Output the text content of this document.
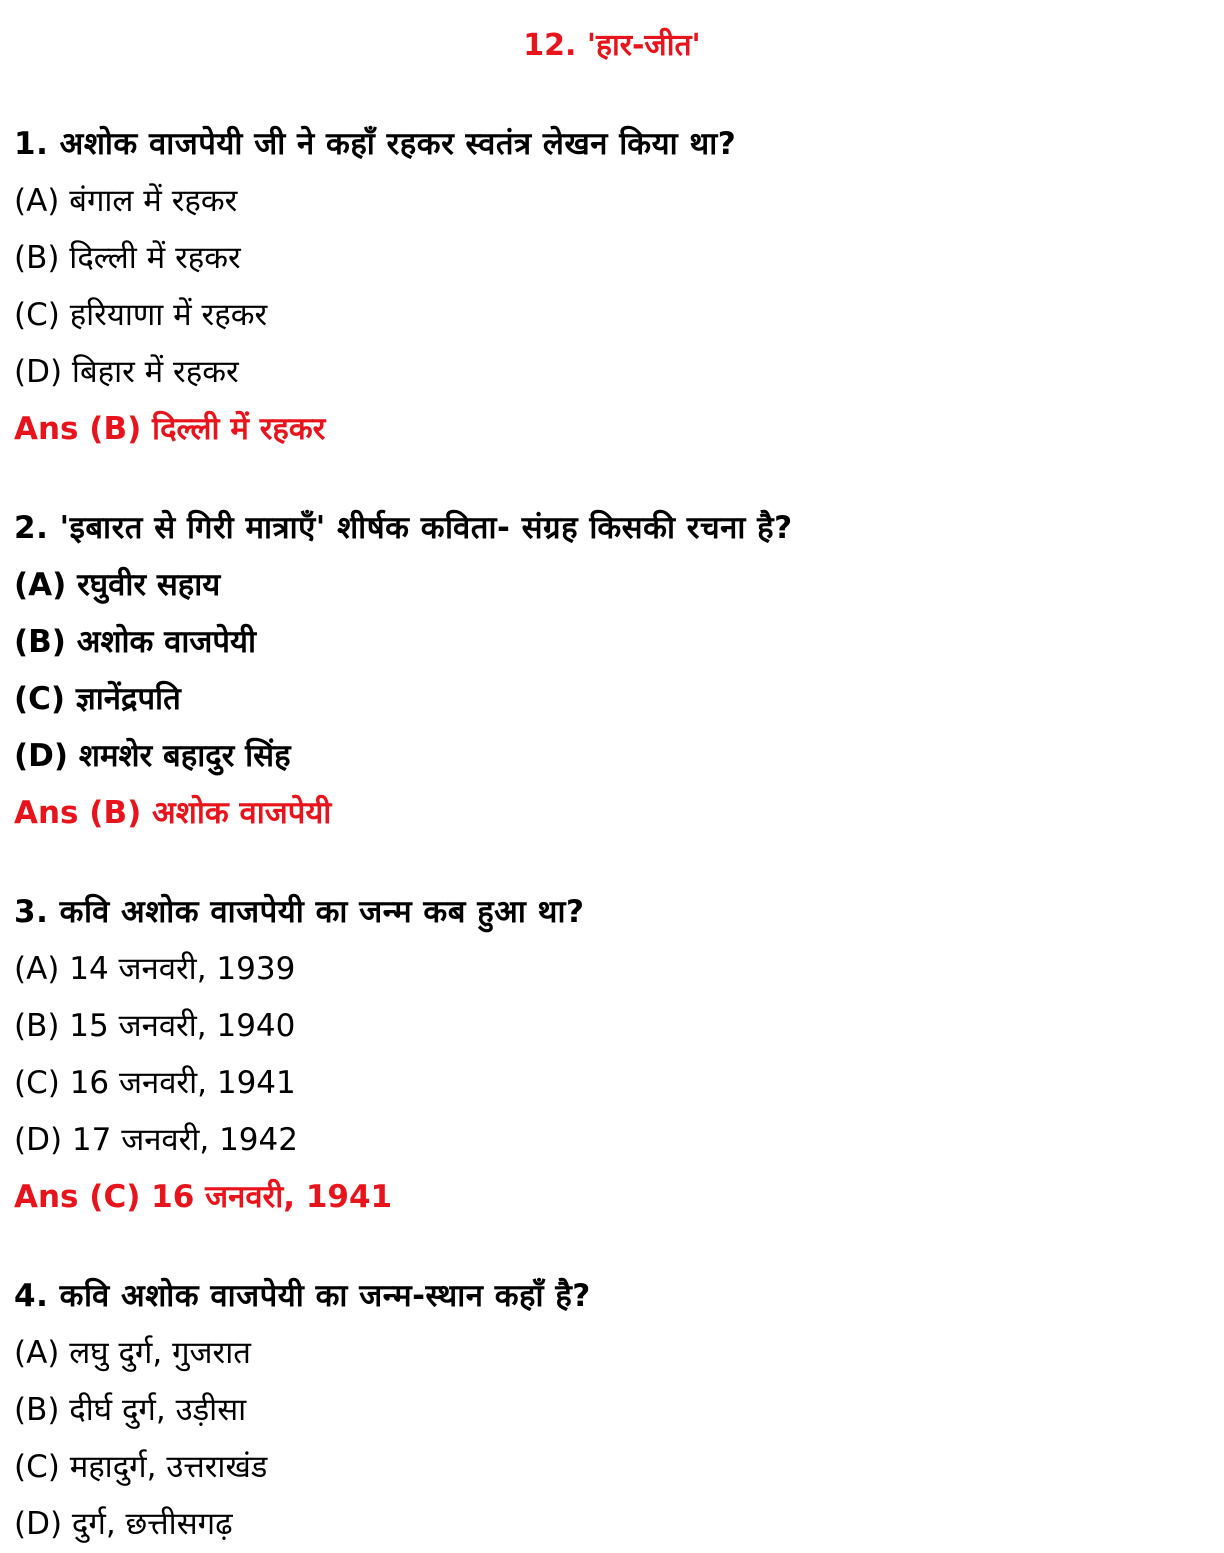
12. 'हार-जीत'
1. अशोक वाजपेयी जी ने कहाँ रहकर स्वतंत्र लेखन किया था?
(A) बंगाल में रहकर
(B) दिल्ली में रहकर
(C) हरियाणा में रहकर
(D) बिहार में रहकर
Ans (B) दिल्ली में रहकर
2. 'इबारत से गिरी मात्राएँ' शीर्षक कविता- संग्रह किसकी रचना है?
(A) रघुवीर सहाय
(B) अशोक वाजपेयी
(C) ज्ञानेंद्रपति
(D) शमशेर बहादुर सिंह
Ans (B) अशोक वाजपेयी
3. कवि अशोक वाजपेयी का जन्म कब हुआ था?
(A) 14 जनवरी, 1939
(B) 15 जनवरी, 1940
(C) 16 जनवरी, 1941
(D) 17 जनवरी, 1942
Ans (C) 16 जनवरी, 1941
4. कवि अशोक वाजपेयी का जन्म-स्थान कहाँ है?
(A) लघु दुर्ग, गुजरात
(B) दीर्घ दुर्ग, उड़ीसा
(C) महादुर्ग, उत्तराखंड
(D) दुर्ग, छत्तीसगढ़
